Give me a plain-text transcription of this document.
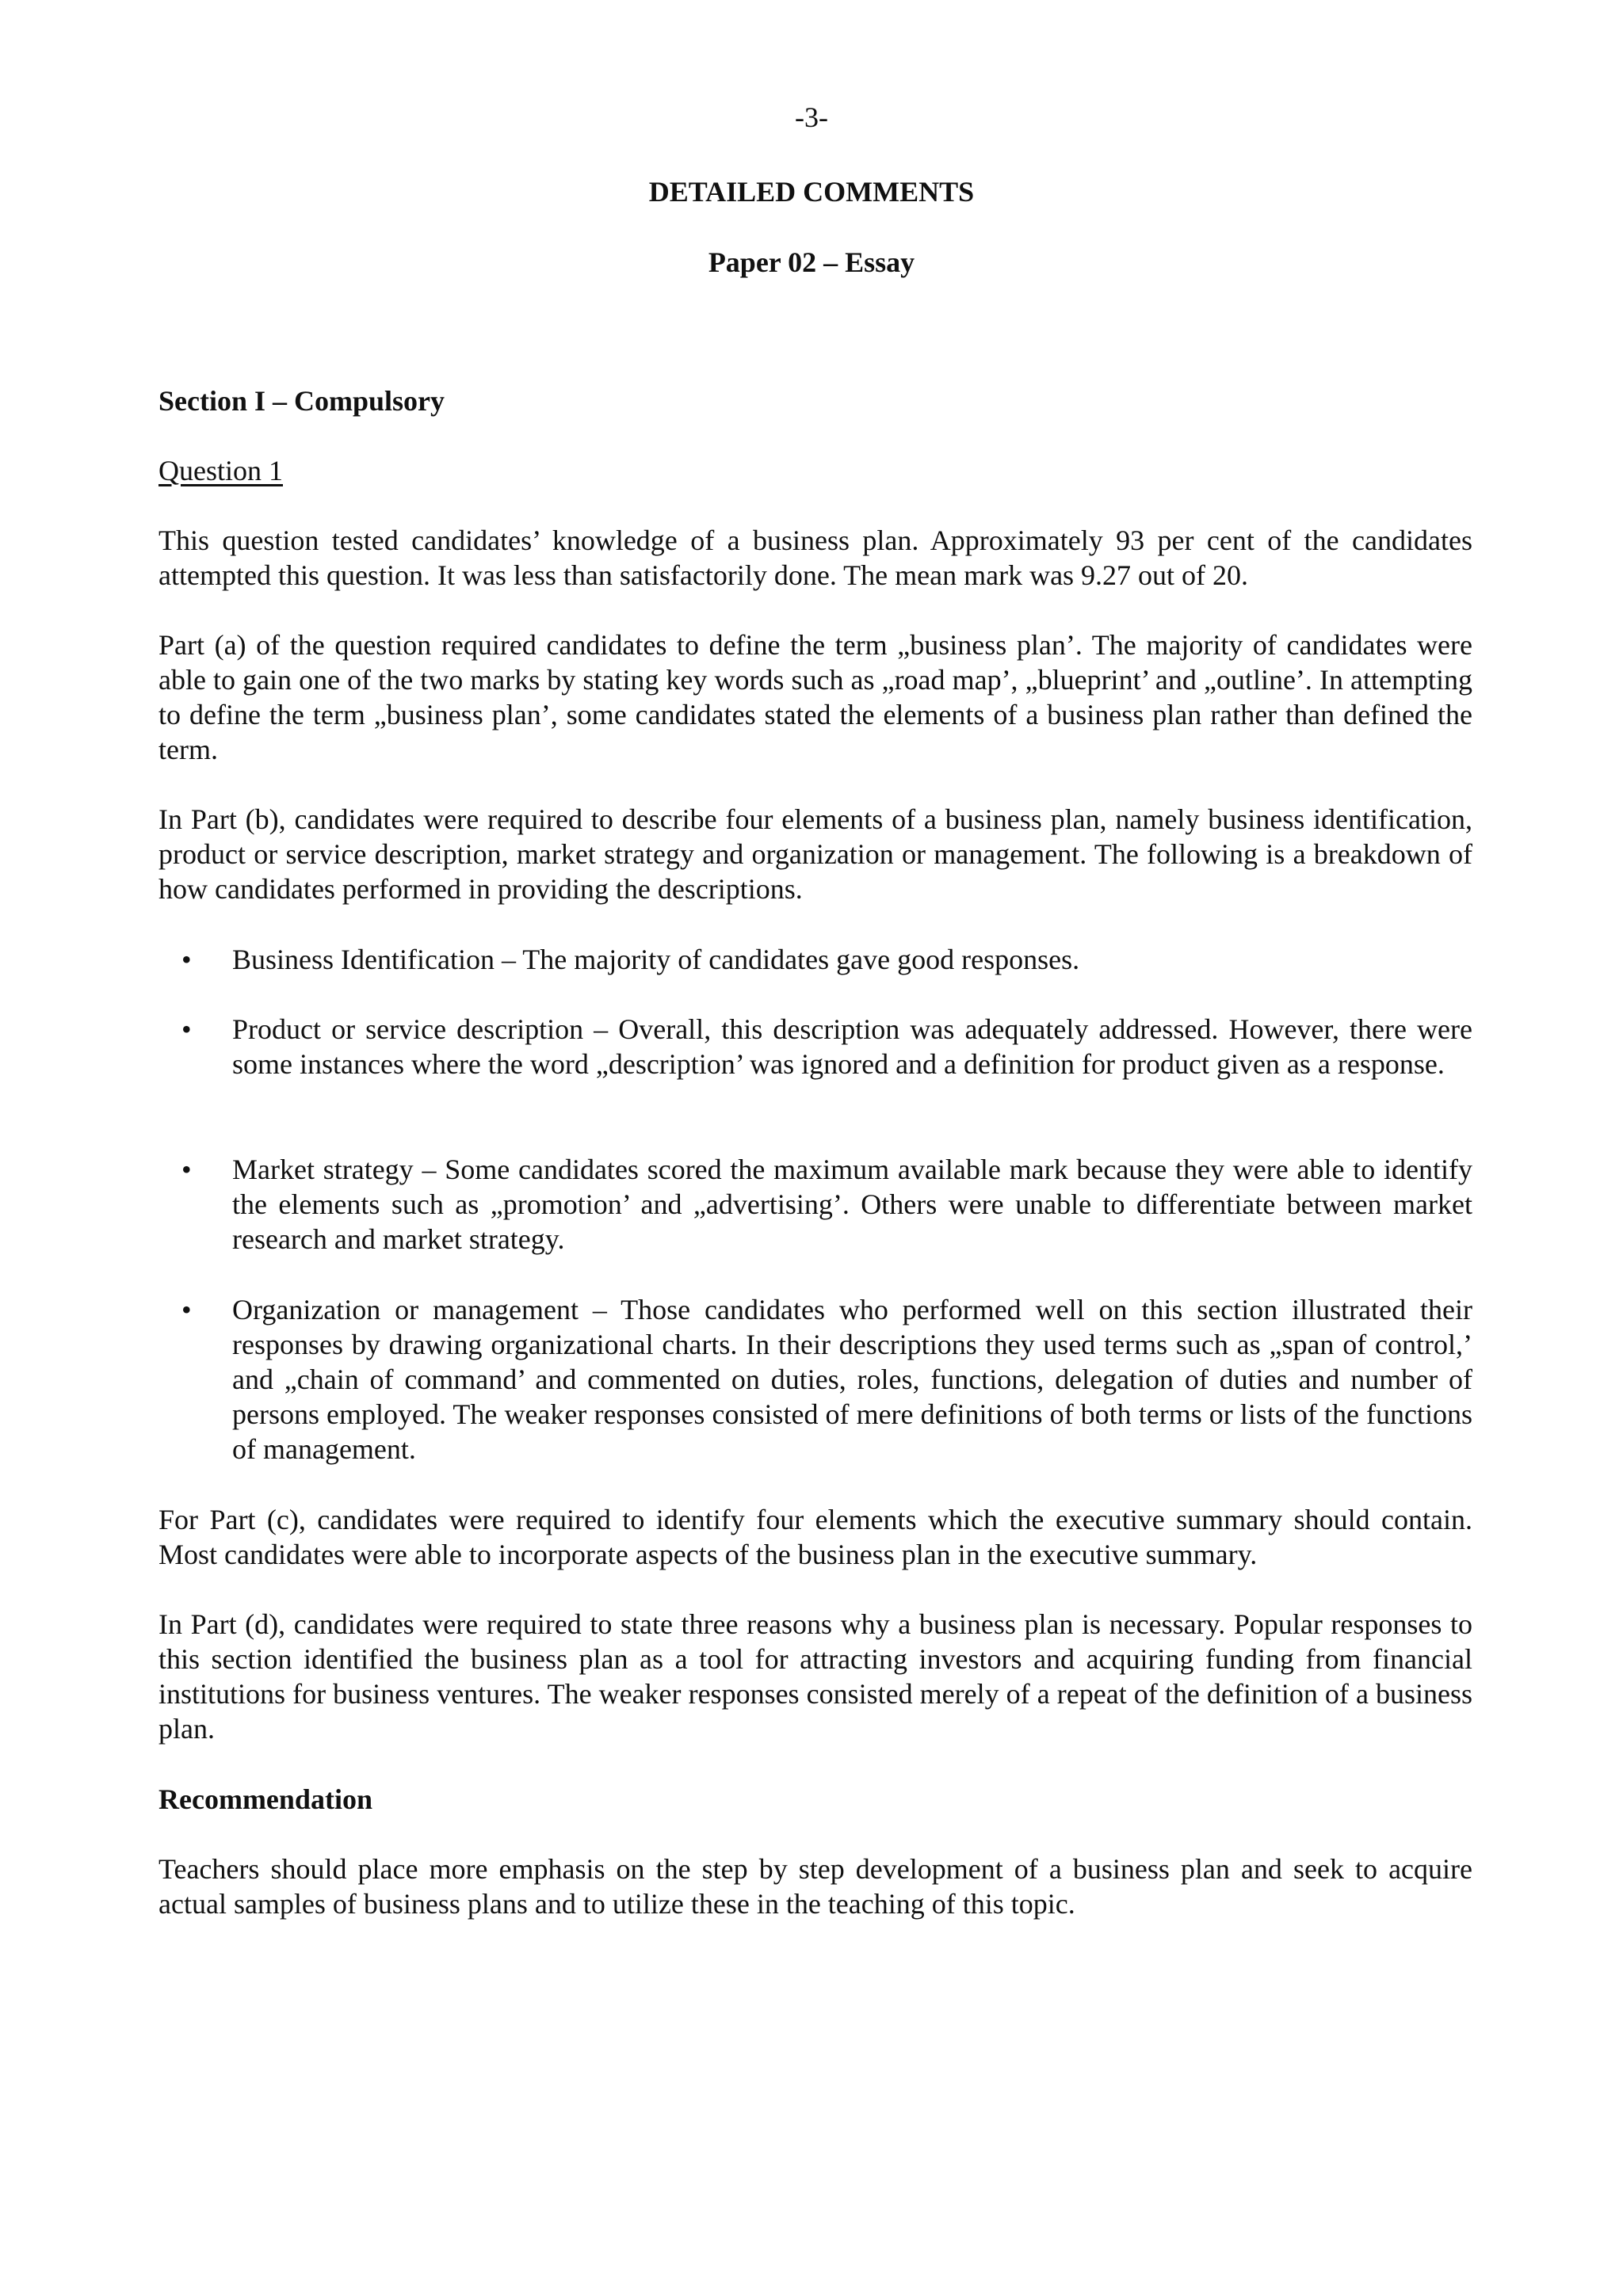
-3-
DETAILED COMMENTS
Paper 02 – Essay
Section I – Compulsory
Question 1
This question tested candidates’ knowledge of a business plan. Approximately 93 per cent of the candidates attempted this question. It was less than satisfactorily done. The mean mark was 9.27 out of 20.
Part (a) of the question required candidates to define the term „business plan’. The majority of candidates were able to gain one of the two marks by stating key words such as „road map’, „blueprint’ and „outline’. In attempting to define the term „business plan’, some candidates stated the elements of a business plan rather than defined the term.
In Part (b), candidates were required to describe four elements of a business plan, namely business identification, product or service description, market strategy and organization or management. The following is a breakdown of how candidates performed in providing the descriptions.
• Business Identification – The majority of candidates gave good responses.
• Product or service description – Overall, this description was adequately addressed. However, there were some instances where the word „description’ was ignored and a definition for product given as a response.
• Market strategy – Some candidates scored the maximum available mark because they were able to identify the elements such as „promotion’ and „advertising’. Others were unable to differentiate between market research and market strategy.
• Organization or management – Those candidates who performed well on this section illustrated their responses by drawing organizational charts. In their descriptions they used terms such as „span of control,’ and „chain of command’ and commented on duties, roles, functions, delegation of duties and number of persons employed. The weaker responses consisted of mere definitions of both terms or lists of the functions of management.
For Part (c), candidates were required to identify four elements which the executive summary should contain. Most candidates were able to incorporate aspects of the business plan in the executive summary.
In Part (d), candidates were required to state three reasons why a business plan is necessary. Popular responses to this section identified the business plan as a tool for attracting investors and acquiring funding from financial institutions for business ventures. The weaker responses consisted merely of a repeat of the definition of a business plan.
Recommendation
Teachers should place more emphasis on the step by step development of a business plan and seek to acquire actual samples of business plans and to utilize these in the teaching of this topic.
